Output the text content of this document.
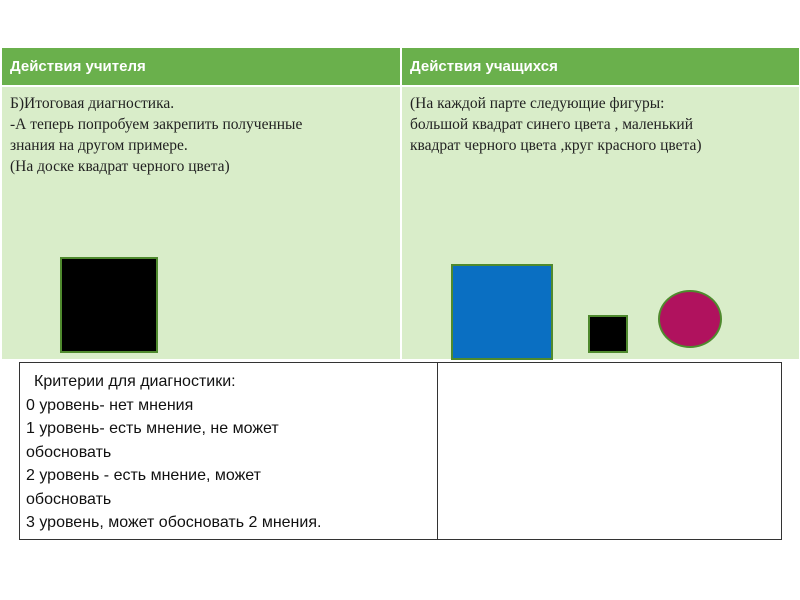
Действия учителя	Действия учащихся
Б)Итоговая диагностика.
-А теперь попробуем закрепить полученные
знания на другом примере.
(На доске квадрат черного цвета)
(На каждой парте следующие фигуры:
большой квадрат синего цвета , маленький
квадрат черного цвета ,круг красного цвета)
Критерии для диагностики:
0 уровень- нет мнения
1 уровень- есть мнение, не может
обосновать
2 уровень - есть мнение, может
обосновать
3 уровень, может обосновать 2 мнения.
